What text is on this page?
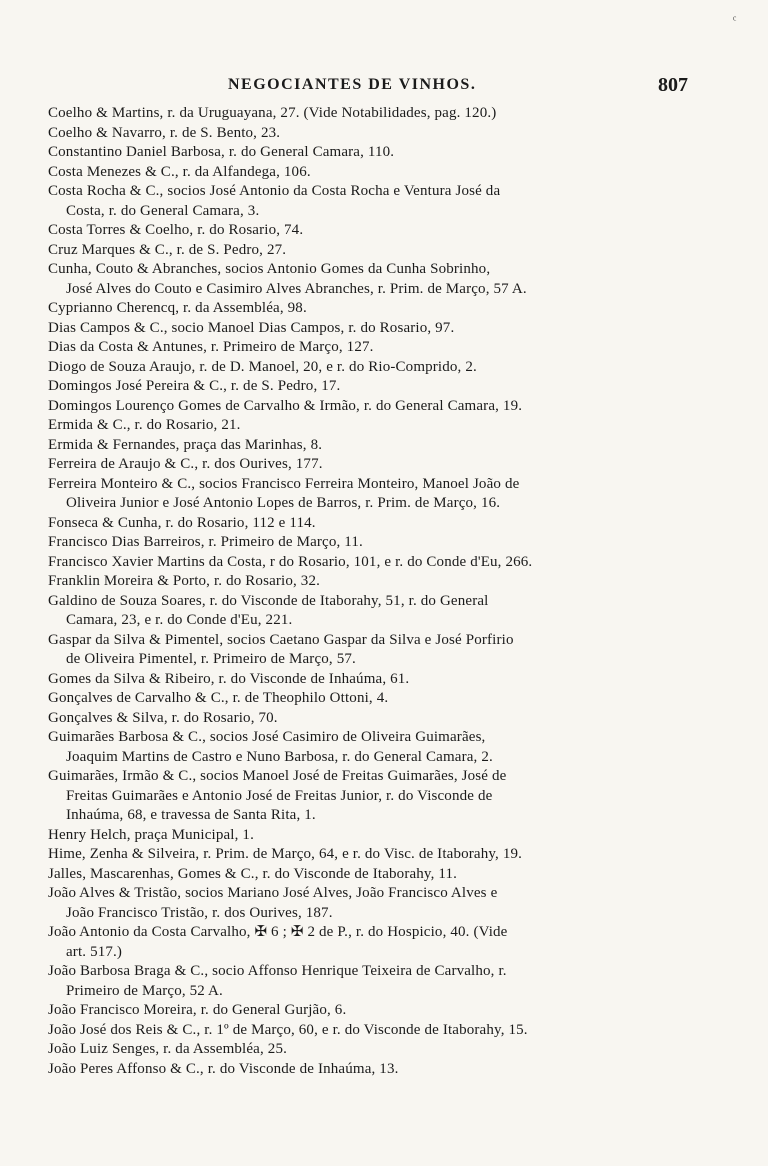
NEGOCIANTES DE VINHOS.	807
ᶜ
Coelho & Martins, r. da Uruguayana, 27. (Vide Notabilidades, pag. 120.)
Coelho & Navarro, r. de S. Bento, 23.
Constantino Daniel Barbosa, r. do General Camara, 110.
Costa Menezes & C., r. da Alfandega, 106.
Costa Rocha & C., socios José Antonio da Costa Rocha e Ventura José da
Costa, r. do General Camara, 3.
Costa Torres & Coelho, r. do Rosario, 74.
Cruz Marques & C., r. de S. Pedro, 27.
Cunha, Couto & Abranches, socios Antonio Gomes da Cunha Sobrinho,
José Alves do Couto e Casimiro Alves Abranches, r. Prim. de Março, 57 A.
Cyprianno Cherencq, r. da Assembléa, 98.
Dias Campos & C., socio Manoel Dias Campos, r. do Rosario, 97.
Dias da Costa & Antunes, r. Primeiro de Março, 127.
Diogo de Souza Araujo, r. de D. Manoel, 20, e r. do Rio-Comprido, 2.
Domingos José Pereira & C., r. de S. Pedro, 17.
Domingos Lourenço Gomes de Carvalho & Irmão, r. do General Camara, 19.
Ermida & C., r. do Rosario, 21.
Ermida & Fernandes, praça das Marinhas, 8.
Ferreira de Araujo & C., r. dos Ourives, 177.
Ferreira Monteiro & C., socios Francisco Ferreira Monteiro, Manoel João de
Oliveira Junior e José Antonio Lopes de Barros, r. Prim. de Março, 16.
Fonseca & Cunha, r. do Rosario, 112 e 114.
Francisco Dias Barreiros, r. Primeiro de Março, 11.
Francisco Xavier Martins da Costa, r do Rosario, 101, e r. do Conde d'Eu, 266.
Franklin Moreira & Porto, r. do Rosario, 32.
Galdino de Souza Soares, r. do Visconde de Itaborahy, 51, r. do General
Camara, 23, e r. do Conde d'Eu, 221.
Gaspar da Silva & Pimentel, socios Caetano Gaspar da Silva e José Porfirio
de Oliveira Pimentel, r. Primeiro de Março, 57.
Gomes da Silva & Ribeiro, r. do Visconde de Inhaúma, 61.
Gonçalves de Carvalho & C., r. de Theophilo Ottoni, 4.
Gonçalves & Silva, r. do Rosario, 70.
Guimarães Barbosa & C., socios José Casimiro de Oliveira Guimarães,
Joaquim Martins de Castro e Nuno Barbosa, r. do General Camara, 2.
Guimarães, Irmão & C., socios Manoel José de Freitas Guimarães, José de
Freitas Guimarães e Antonio José de Freitas Junior, r. do Visconde de
Inhaúma, 68, e travessa de Santa Rita, 1.
Henry Helch, praça Municipal, 1.
Hime, Zenha & Silveira, r. Prim. de Março, 64, e r. do Visc. de Itaborahy, 19.
Jalles, Mascarenhas, Gomes & C., r. do Visconde de Itaborahy, 11.
João Alves & Tristão, socios Mariano José Alves, João Francisco Alves e
João Francisco Tristão, r. dos Ourives, 187.
João Antonio da Costa Carvalho, ✠ 6 ; ✠ 2 de P., r. do Hospicio, 40. (Vide
art. 517.)
João Barbosa Braga & C., socio Affonso Henrique Teixeira de Carvalho, r.
Primeiro de Março, 52 A.
João Francisco Moreira, r. do General Gurjão, 6.
João José dos Reis & C., r. 1º de Março, 60, e r. do Visconde de Itaborahy, 15.
João Luiz Senges, r. da Assembléa, 25.
João Peres Affonso & C., r. do Visconde de Inhaúma, 13.
